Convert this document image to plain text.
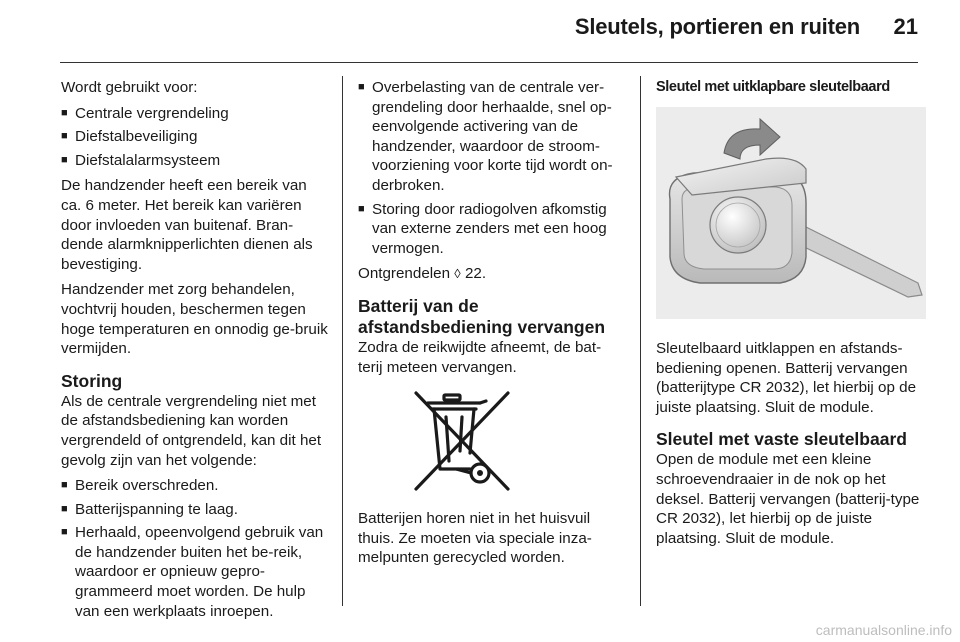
Sleutels, portieren en ruiten 21

Wordt gebruikt voor:

■ Centrale vergrendeling
■ Diefstalbeveiliging
■ Diefstalalarmsysteem

De handzender heeft een bereik van ca. 6 meter. Het bereik kan variëren door invloeden van buitenaf. Bran-dende alarmknipperlichten dienen als bevestiging.

Handzender met zorg behandelen, vochtvrij houden, beschermen tegen hoge temperaturen en onnodig ge-bruik vermijden.

Storing

Als de centrale vergrendeling niet met de afstandsbediening kan worden vergrendeld of ontgrendeld, kan dit het gevolg zijn van het volgende:

■ Bereik overschreden.
■ Batterijspanning te laag.
■ Herhaald, opeenvolgend gebruik van de handzender buiten het be-reik, waardoor er opnieuw gepro-grammeerd moet worden. De hulp van een werkplaats inroepen.
■ Overbelasting van de centrale ver-grendeling door herhaalde, snel op-eenvolgende activering van de handzender, waardoor de stroom-voorziening voor korte tijd wordt on-derbroken.
■ Storing door radiogolven afkomstig van externe zenders met een hoog vermogen.

Ontgrendelen ◊ 22.

Batterij van de afstandsbediening vervangen

Zodra de reikwijdte afneemt, de bat-terij meteen vervangen.

Batterijen horen niet in het huisvuil thuis. Ze moeten via speciale inza-melpunten gerecycled worden.

Sleutel met uitklapbare sleutelbaard

Sleutelbaard uitklappen en afstands-bediening openen. Batterij vervangen (batterijtype CR 2032), let hierbij op de juiste plaatsing. Sluit de module.

Sleutel met vaste sleutelbaard

Open de module met een kleine schroevendraaier in de nok op het deksel. Batterij vervangen (batterij-type CR 2032), let hierbij op de juiste plaatsing. Sluit de module.

carmanualsonline.info
